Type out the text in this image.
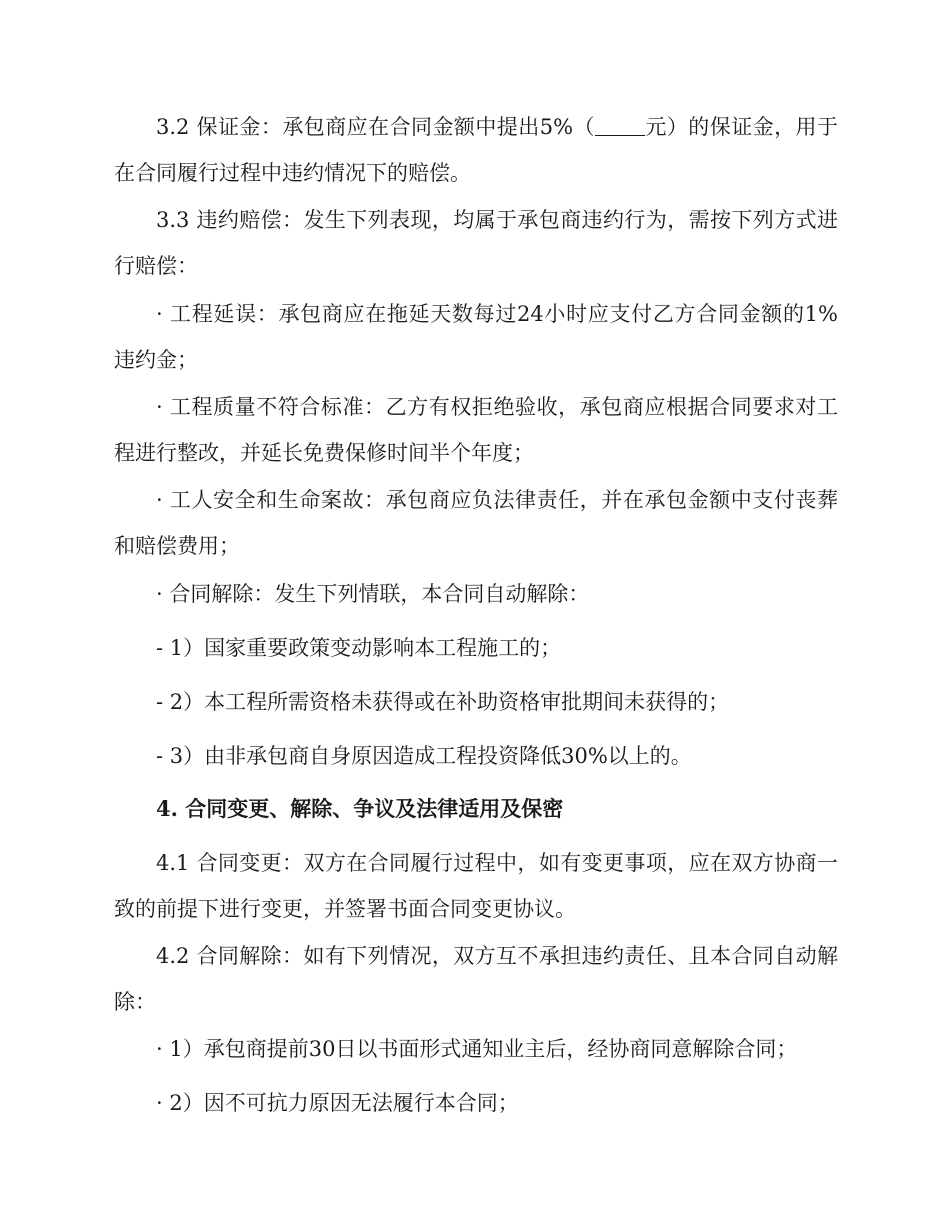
3.2 保证金：承包商应在合同金额中提出5%（ 元）的保证金，用于在合同履行过程中违约情况下的赔偿。
3.3 违约赔偿：发生下列表现，均属于承包商违约行为，需按下列方式进行赔偿：
· 工程延误：承包商应在拖延天数每过24小时应支付乙方合同金额的1%违约金；
· 工程质量不符合标准：乙方有权拒绝验收，承包商应根据合同要求对工程进行整改，并延长免费保修时间半个年度；
· 工人安全和生命案故：承包商应负法律责任，并在承包金额中支付丧葬和赔偿费用；
· 合同解除：发生下列情联，本合同自动解除：
- 1）国家重要政策变动影响本工程施工的；
- 2）本工程所需资格未获得或在补助资格审批期间未获得的；
- 3）由非承包商自身原因造成工程投资降低30%以上的。
4. 合同变更、解除、争议及法律适用及保密
4.1 合同变更：双方在合同履行过程中，如有变更事项，应在双方协商一致的前提下进行变更，并签署书面合同变更协议。
4.2 合同解除：如有下列情况，双方互不承担违约责任、且本合同自动解除：
· 1）承包商提前30日以书面形式通知业主后，经协商同意解除合同；
· 2）因不可抗力原因无法履行本合同；
